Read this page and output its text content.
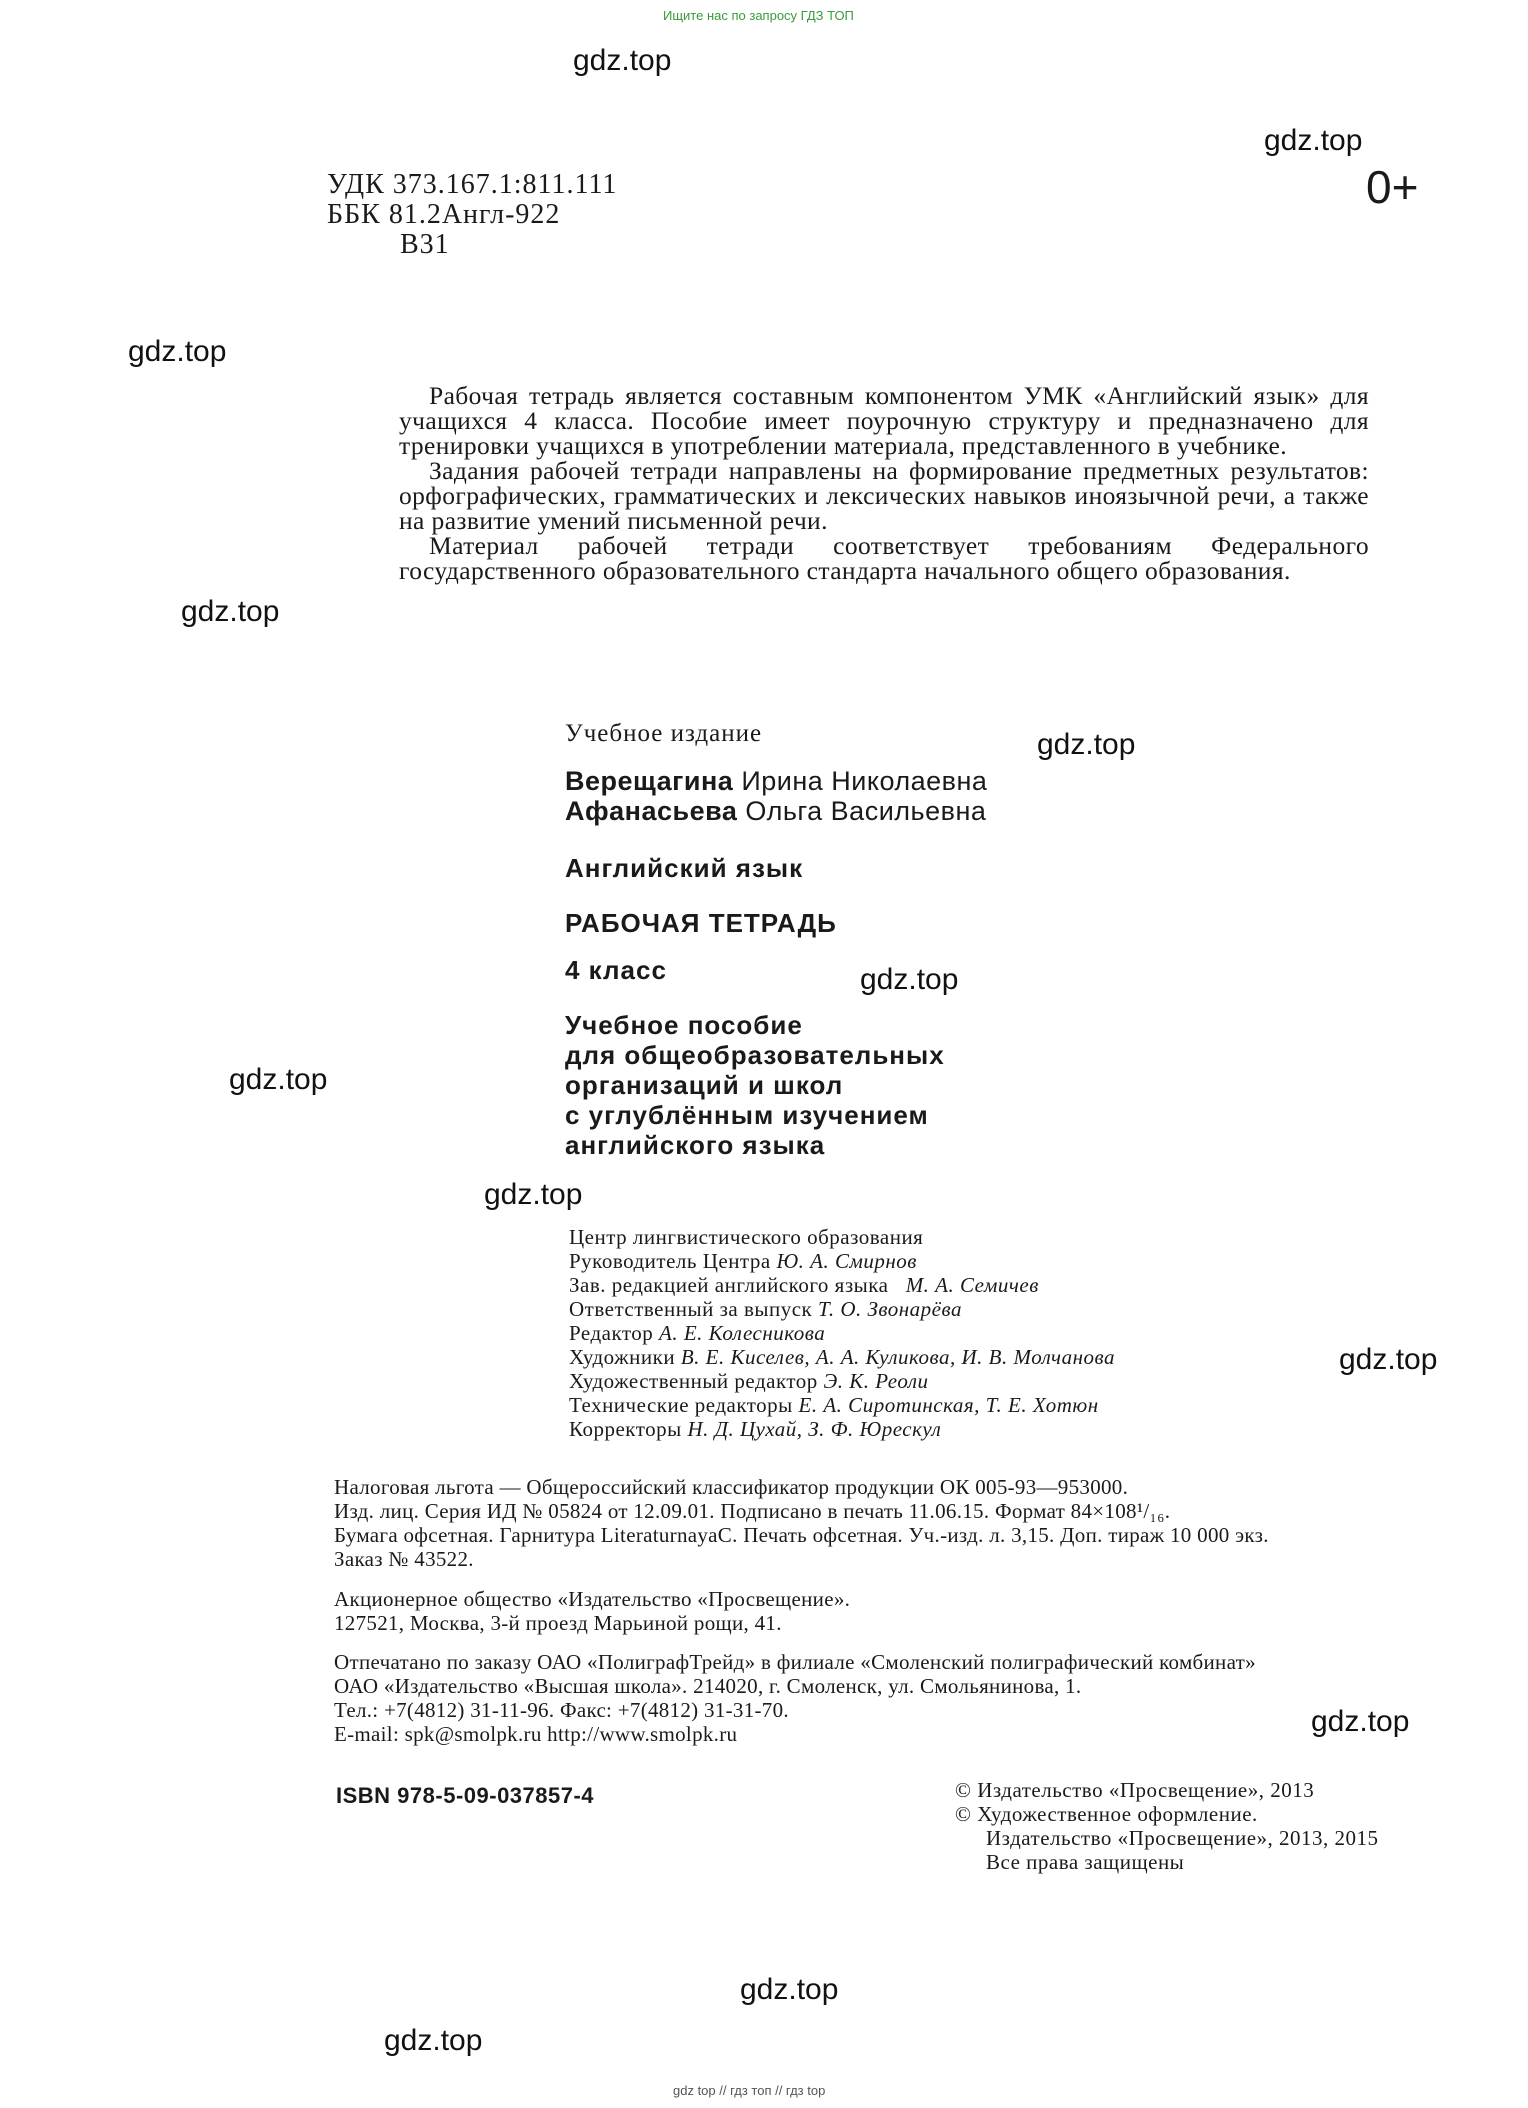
Ищите нас по запросу ГДЗ ТОП
gdz.top
gdz.top
gdz.top
gdz.top
gdz.top
gdz.top
gdz.top
gdz.top
gdz.top
gdz.top
gdz.top
gdz.top
УДК 373.167.1:811.111
ББК 81.2Англ-922
В31
0+

Рабочая тетрадь является составным компонентом УМК «Английский язык» для учащихся 4 класса. Пособие имеет поурочную структуру и предназначено для тренировки учащихся в употреблении материала, представленного в учебнике.

Задания рабочей тетради направлены на формирование предметных результатов: орфографических, грамматических и лексических навыков иноязычной речи, а также на развитие умений письменной речи.

Материал рабочей тетради соответствует требованиям Федерального государственного образовательного стандарта начального общего образования.

Учебное издание
Верещагина Ирина Николаевна
Афанасьева Ольга Васильевна
Английский язык
РАБОЧАЯ ТЕТРАДЬ
4 класс
Учебное пособие
для общеобразовательных
организаций и школ
с углублённым изучением
английского языка
Центр лингвистического образования
Руководитель Центра Ю. А. Смирнов
Зав. редакцией английского языка М. А. Семичев
Ответственный за выпуск Т. О. Звонарёва
Редактор А. Е. Колесникова
Художники В. Е. Киселев, А. А. Куликова, И. В. Молчанова
Художественный редактор Э. К. Реоли
Технические редакторы Е. А. Сиротинская, Т. Е. Хотюн
Корректоры Н. Д. Цухай, З. Ф. Юрескул
Налоговая льгота — Общероссийский классификатор продукции ОК 005-93—953000.
Изд. лиц. Серия ИД № 05824 от 12.09.01. Подписано в печать 11.06.15. Формат 84×108¹/₁₆.
Бумага офсетная. Гарнитура LiteraturnayaC. Печать офсетная. Уч.-изд. л. 3,15. Доп. тираж 10 000 экз.
Заказ № 43522.
Акционерное общество «Издательство «Просвещение».
127521, Москва, 3-й проезд Марьиной рощи, 41.
Отпечатано по заказу ОАО «ПолиграфТрейд» в филиале «Смоленский полиграфический комбинат»
ОАО «Издательство «Высшая школа». 214020, г. Смоленск, ул. Смольянинова, 1.
Тел.: +7(4812) 31-11-96. Факс: +7(4812) 31-31-70.
E-mail: spk@smolpk.ru http://www.smolpk.ru
ISBN 978-5-09-037857-4	© Издательство «Просвещение», 2013
© Художественное оформление.
Издательство «Просвещение», 2013, 2015
Все права защищены
gdz top // гдз топ // гдз top
